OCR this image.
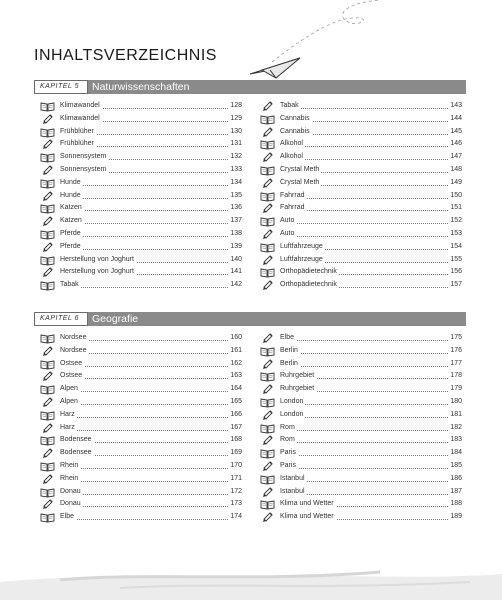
INHALTSVERZEICHNIS
KAPITEL 5	Naturwissenschaften
Klimawandel	128
Klimawandel	129
Frühblüher	130
Frühblüher	131
Sonnensystem	132
Sonnensystem	133
Hunde	134
Hunde	135
Katzen	136
Katzen	137
Pferde	138
Pferde	139
Herstellung von Joghurt	140
Herstellung von Joghurt	141
Tabak	142
Tabak	143
Cannabis	144
Cannabis	145
Alkohol	146
Alkohol	147
Crystal Meth	148
Crystal Meth	149
Fahrrad	150
Fahrrad	151
Auto	152
Auto	153
Luftfahrzeuge	154
Luftfahrzeuge	155
Orthopädietechnik	156
Orthopädietechnik	157
KAPITEL 6	Geografie
Nordsee	160
Nordsee	161
Ostsee	162
Ostsee	163
Alpen	164
Alpen	165
Harz	166
Harz	167
Bodensee	168
Bodensee	169
Rhein	170
Rhein	171
Donau	172
Donau	173
Elbe	174
Elbe	175
Berlin	176
Berlin	177
Ruhrgebiet	178
Ruhrgebiet	179
London	180
London	181
Rom	182
Rom	183
Paris	184
Paris	185
Istanbul	186
Istanbul	187
Klima und Wetter	188
Klima und Wetter	189
